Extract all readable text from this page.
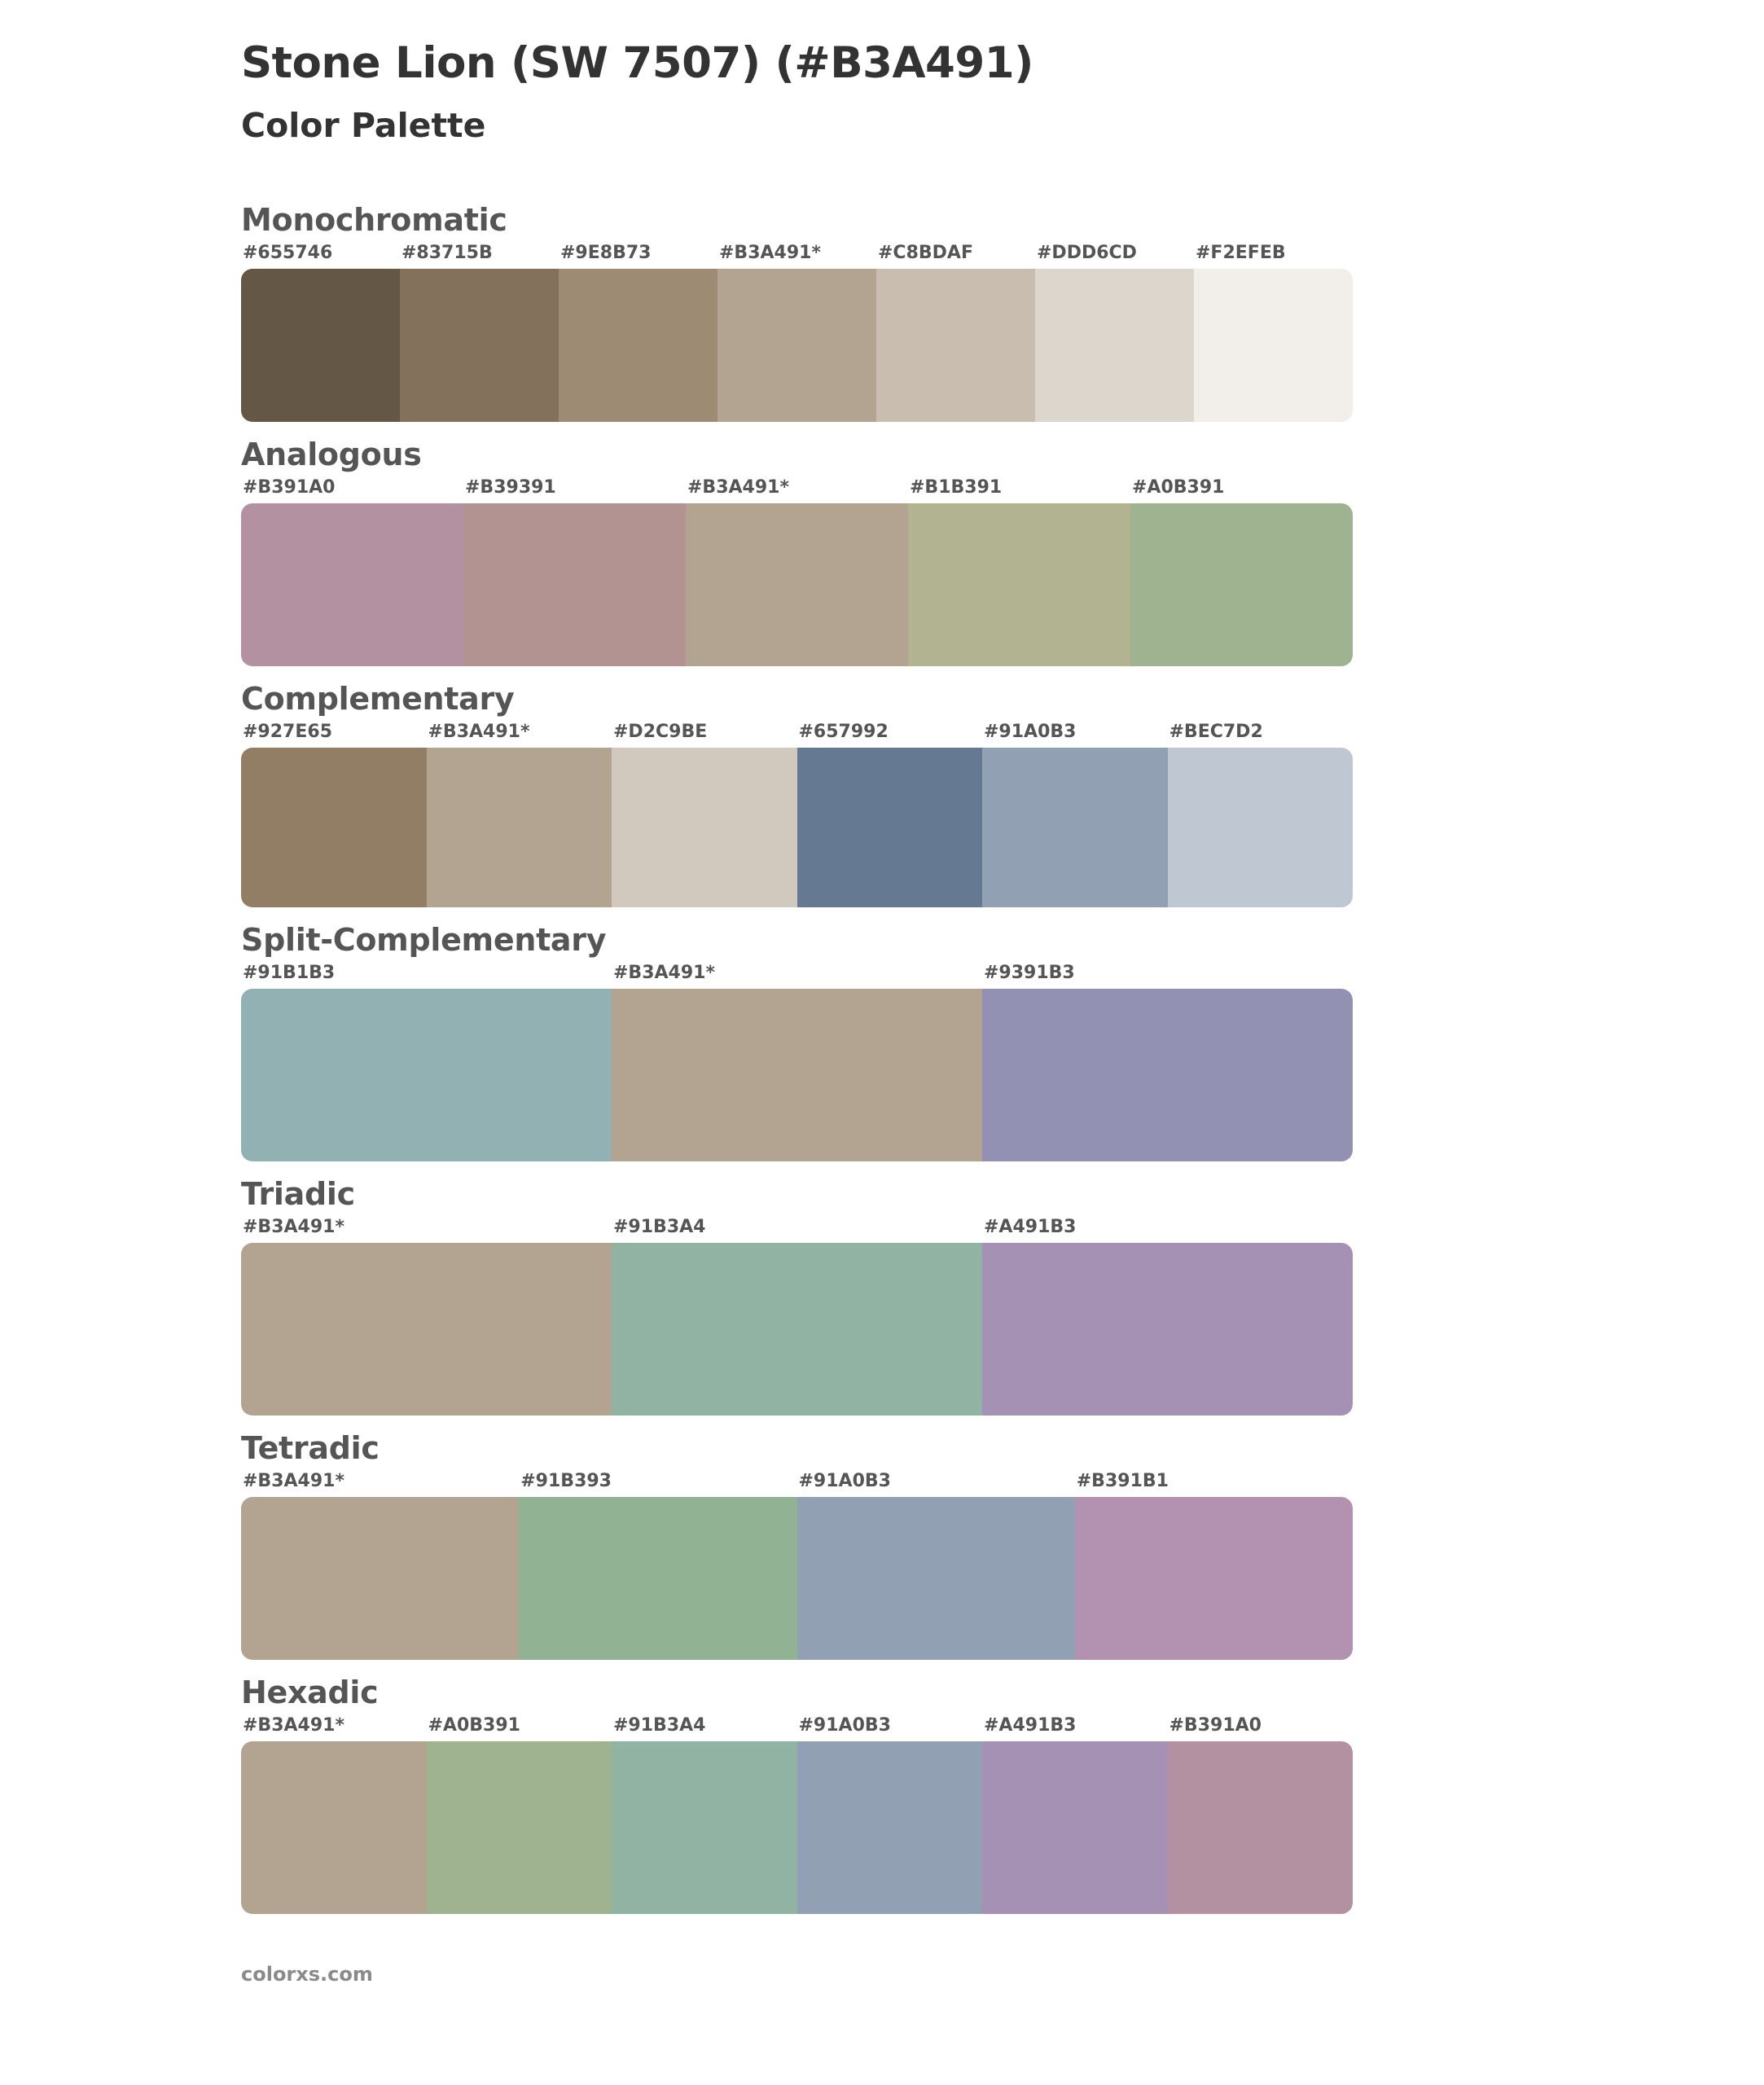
Stone Lion (SW 7507) (#B3A491)
Color Palette
Monochromatic
#655746	#83715B	#9E8B73	#B3A491*	#C8BDAF	#DDD6CD	#F2EFEB
Analogous
#B391A0	#B39391	#B3A491*	#B1B391	#A0B391
Complementary
#927E65	#B3A491*	#D2C9BE	#657992	#91A0B3	#BEC7D2
Split-Complementary
#91B1B3	#B3A491*	#9391B3
Triadic
#B3A491*	#91B3A4	#A491B3
Tetradic
#B3A491*	#91B393	#91A0B3	#B391B1
Hexadic
#B3A491*	#A0B391	#91B3A4	#91A0B3	#A491B3	#B391A0
colorxs.com
